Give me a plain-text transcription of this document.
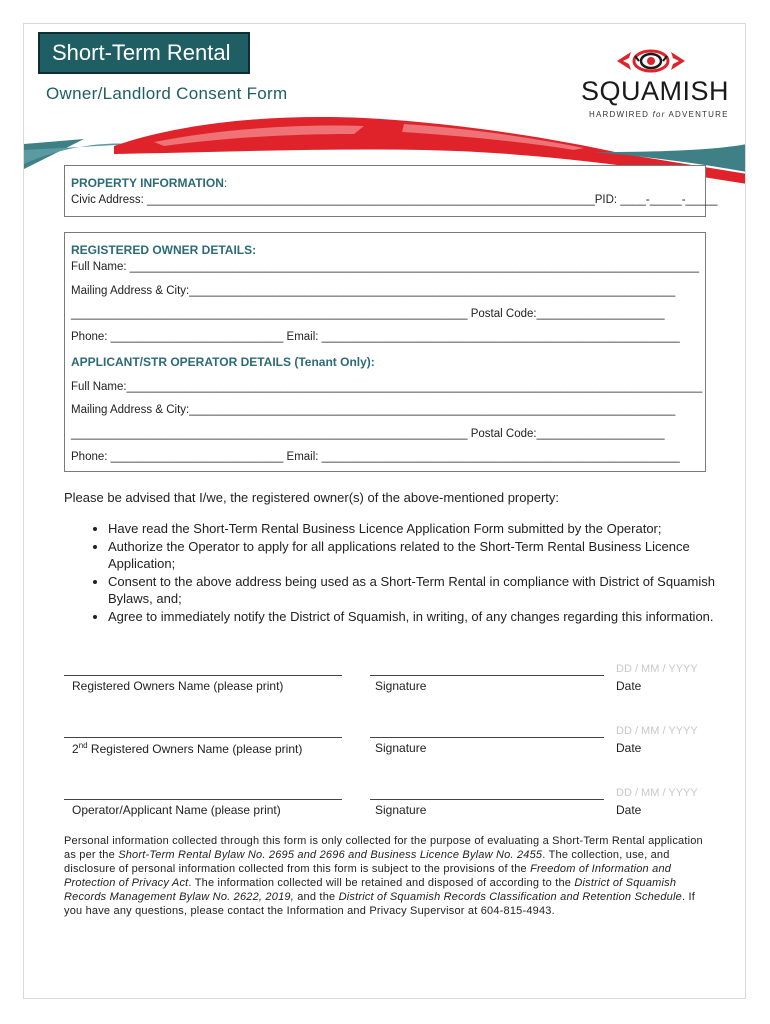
Short-Term Rental
Owner/Landlord Consent Form	SQUAMISH
HARDWIRED for ADVENTURE
PROPERTY INFORMATION:
Civic Address: ______________________________________________________________________PID: ____-_____-_____
REGISTERED OWNER DETAILS:
Full Name: _________________________________________________________________________________________
Mailing Address & City:____________________________________________________________________________
______________________________________________________________ Postal Code:____________________
Phone: ___________________________ Email: ________________________________________________________
APPLICANT/STR OPERATOR DETAILS (Tenant Only):
Full Name:__________________________________________________________________________________________
Mailing Address & City:____________________________________________________________________________
______________________________________________________________ Postal Code:____________________
Phone: ___________________________ Email: ________________________________________________________
Please be advised that I/we, the registered owner(s) of the above-mentioned property:
• Have read the Short-Term Rental Business Licence Application Form submitted by the Operator;
• Authorize the Operator to apply for all applications related to the Short-Term Rental Business Licence Application;
• Consent to the above address being used as a Short-Term Rental in compliance with District of Squamish Bylaws, and;
• Agree to immediately notify the District of Squamish, in writing, of any changes regarding this information.
DD / MM / YYYY
Registered Owners Name (please print)	Signature	Date
DD / MM / YYYY
2nd Registered Owners Name (please print)	Signature	Date
DD / MM / YYYY
Operator/Applicant Name (please print)	Signature	Date
Personal information collected through this form is only collected for the purpose of evaluating a Short-Term Rental application as per the Short-Term Rental Bylaw No. 2695 and 2696 and Business Licence Bylaw No. 2455. The collection, use, and disclosure of personal information collected from this form is subject to the provisions of the Freedom of Information and Protection of Privacy Act. The information collected will be retained and disposed of according to the District of Squamish Records Management Bylaw No. 2622, 2019, and the District of Squamish Records Classification and Retention Schedule. If you have any questions, please contact the Information and Privacy Supervisor at 604-815-4943.
